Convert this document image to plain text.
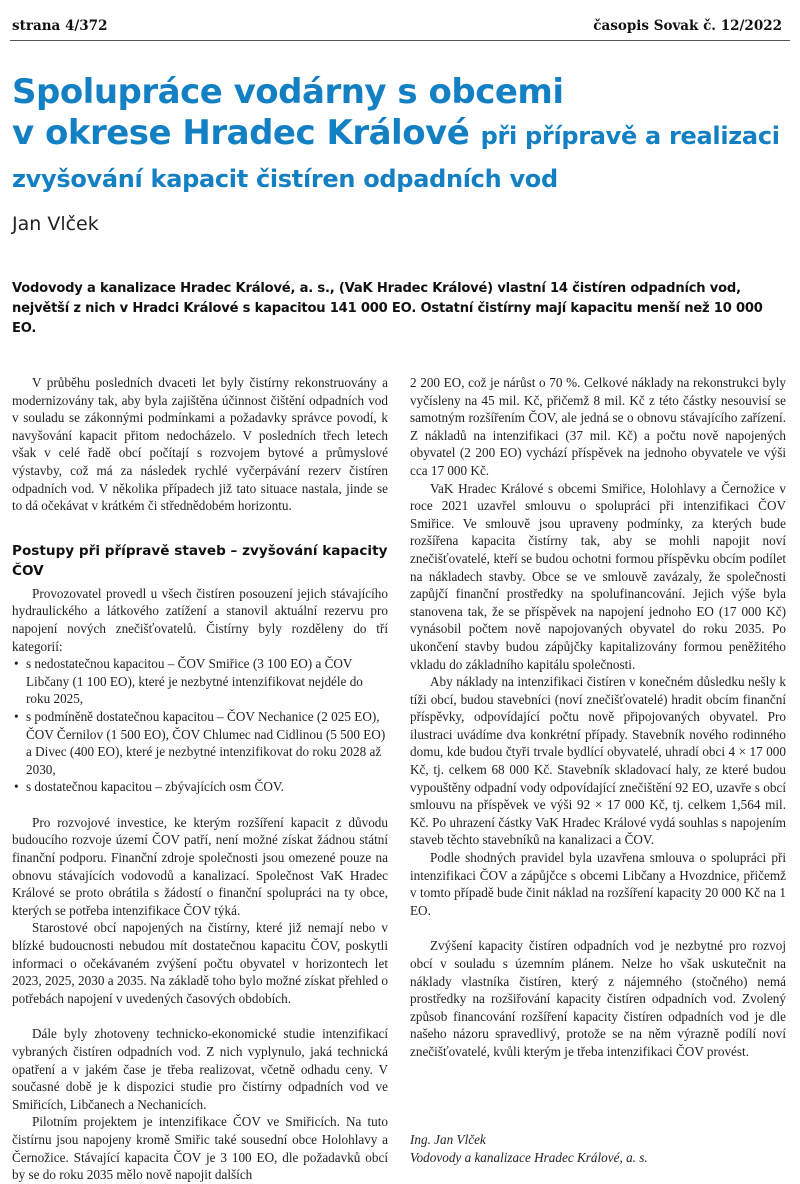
strana 4/372	časopis Sovak č. 12/2022
Spolupráce vodárny s obcemi
v okrese Hradec Králové při přípravě a realizaci
zvyšování kapacit čistíren odpadních vod
Jan Vlček

Vodovody a kanalizace Hradec Králové, a. s., (VaK Hradec Králové) vlastní 14 čistíren odpadních vod, největší z nich v Hradci Králové s kapacitou 141 000 EO. Ostatní čistírny mají kapacitu menší než 10 000 EO.

V průběhu posledních dvaceti let byly čistírny rekonstruovány a modernizovány tak, aby byla zajištěna účinnost čištění odpadních vod v souladu se zákonnými podmínkami a požadavky správce povodí, k navyšování kapacit přitom nedocházelo. V posledních třech letech však v celé řadě obcí počítají s rozvojem bytové a průmyslové výstavby, což má za následek rychlé vyčerpávání rezerv čistíren odpadních vod. V několika případech již tato situace nastala, jinde se to dá očekávat v krátkém či střednědobém horizontu.

Postupy při přípravě staveb – zvyšování kapacity ČOV

Provozovatel provedl u všech čistíren posouzení jejich stávajícího hydraulického a látkového zatížení a stanovil aktuální rezervu pro napojení nových znečišťovatelů. Čistírny byly rozděleny do tří kategorií:

• s nedostatečnou kapacitou – ČOV Smiřice (3 100 EO) a ČOV Libčany (1 100 EO), které je nezbytné intenzifikovat nejdéle do roku 2025,
• s podmíněně dostatečnou kapacitou – ČOV Nechanice (2 025 EO), ČOV Černilov (1 500 EO), ČOV Chlumec nad Cidlinou (5 500 EO) a Divec (400 EO), které je nezbytné intenzifikovat do roku 2028 až 2030,
• s dostatečnou kapacitou – zbývajících osm ČOV.

Pro rozvojové investice, ke kterým rozšíření kapacit z důvodu budoucího rozvoje území ČOV patří, není možné získat žádnou státní finanční podporu. Finanční zdroje společnosti jsou omezené pouze na obnovu stávajících vodovodů a kanalizací. Společnost VaK Hradec Králové se proto obrátila s žádostí o finanční spolupráci na ty obce, kterých se potřeba intenzifikace ČOV týká.

Starostové obcí napojených na čistírny, které již nemají nebo v blízké budoucnosti nebudou mít dostatečnou kapacitu ČOV, poskytli informaci o očekávaném zvýšení počtu obyvatel v horizontech let 2023, 2025, 2030 a 2035. Na základě toho bylo možné získat přehled o potřebách napojení v uvedených časových obdobích.

Dále byly zhotoveny technicko-ekonomické studie intenzifikací vybraných čistíren odpadních vod. Z nich vyplynulo, jaká technická opatření a v jakém čase je třeba realizovat, včetně odhadu ceny. V současné době je k dispozici studie pro čistírny odpadních vod ve Smiřicích, Libčanech a Nechanicích.

Pilotním projektem je intenzifikace ČOV ve Smiřicích. Na tuto čistírnu jsou napojeny kromě Smiřic také sousední obce Holohlavy a Černožice. Stávající kapacita ČOV je 3 100 EO, dle požadavků obcí by se do roku 2035 mělo nově napojit dalších

2 200 EO, což je nárůst o 70 %. Celkové náklady na rekonstrukci byly vyčísleny na 45 mil. Kč, přičemž 8 mil. Kč z této částky nesouvisí se samotným rozšířením ČOV, ale jedná se o obnovu stávajícího zařízení. Z nákladů na intenzifikaci (37 mil. Kč) a počtu nově napojených obyvatel (2 200 EO) vychází příspěvek na jednoho obyvatele ve výši cca 17 000 Kč.

VaK Hradec Králové s obcemi Smiřice, Holohlavy a Černožice v roce 2021 uzavřel smlouvu o spolupráci při intenzifikaci ČOV Smiřice. Ve smlouvě jsou upraveny podmínky, za kterých bude rozšířena kapacita čistírny tak, aby se mohli napojit noví znečišťovatelé, kteří se budou ochotni formou příspěvku obcím podílet na nákladech stavby. Obce se ve smlouvě zavázaly, že společnosti zapůjčí finanční prostředky na spolufinancování. Jejich výše byla stanovena tak, že se příspěvek na napojení jednoho EO (17 000 Kč) vynásobil počtem nově napojovaných obyvatel do roku 2035. Po ukončení stavby budou zápůjčky kapitalizovány formou peněžitého vkladu do základního kapitálu společnosti.

Aby náklady na intenzifikaci čistíren v konečném důsledku nešly k tíži obcí, budou stavebníci (noví znečišťovatelé) hradit obcím finanční příspěvky, odpovídající počtu nově připojovaných obyvatel. Pro ilustraci uvádíme dva konkrétní případy. Stavebník nového rodinného domu, kde budou čtyři trvale bydlící obyvatelé, uhradí obci 4 × 17 000 Kč, tj. celkem 68 000 Kč. Stavebník skladovací haly, ze které budou vypouštěny odpadní vody odpovídající znečištění 92 EO, uzavře s obcí smlouvu na příspěvek ve výši 92 × 17 000 Kč, tj. celkem 1,564 mil. Kč. Po uhrazení částky VaK Hradec Králové vydá souhlas s napojením staveb těchto stavebníků na kanalizaci a ČOV.

Podle shodných pravidel byla uzavřena smlouva o spolupráci při intenzifikaci ČOV a zápůjčce s obcemi Libčany a Hvozdnice, přičemž v tomto případě bude činit náklad na rozšíření kapacity 20 000 Kč na 1 EO.

Zvýšení kapacity čistíren odpadních vod je nezbytné pro rozvoj obcí v souladu s územním plánem. Nelze ho však uskutečnit na náklady vlastníka čistíren, který z nájemného (stočného) nemá prostředky na rozšiřování kapacity čistíren odpadních vod. Zvolený způsob financování rozšíření kapacity čistíren odpadních vod je dle našeho názoru spravedlivý, protože se na něm výrazně podílí noví znečišťovatelé, kvůli kterým je třeba intenzifikaci ČOV provést.

Ing. Jan Vlček
Vodovody a kanalizace Hradec Králové, a. s.
